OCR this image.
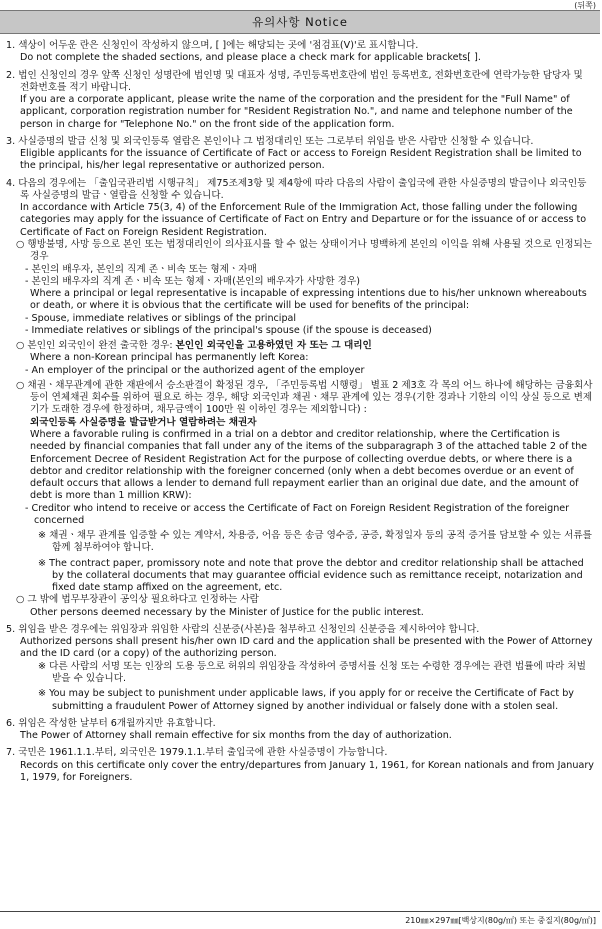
(뒤쪽)
유의사항 Notice
1. 색상이 어두운 란은 신청인이 작성하지 않으며, [ ]에는 해당되는 곳에 '점검표(V)'로 표시합니다.
Do not complete the shaded sections, and please place a check mark for applicable brackets[ ].
2. 법인 신청인의 경우 앞쪽 신청인 성명란에 법인명 및 대표자 성명, 주민등록번호란에 법인 등록번호, 전화번호란에 연락가능한 담당자 및 전화번호를 적기 바랍니다.
If you are a corporate applicant, please write the name of the corporation and the president for the "Full Name" of applicant, corporation registration number for "Resident Registration No.", and name and telephone number of the person in charge for "Telephone No." on the front side of the application form.
3. 사실증명의 발급 신청 및 외국인등록 열람은 본인이나 그 법정대리인 또는 그로부터 위임을 받은 사람만 신청할 수 있습니다.
Eligible applicants for the issuance of Certificate of Fact or access to Foreign Resident Registration shall be limited to the principal, his/her legal representative or authorized person.
4. 다음의 경우에는 「출입국관리법 시행규칙」 제75조제3항 및 제4항에 따라 다음의 사람이 출입국에 관한 사실증명의 발급이나 외국인등록 사실증명의 발급ㆍ열람을 신청할 수 있습니다.
In accordance with Article 75(3, 4) of the Enforcement Rule of the Immigration Act, those falling under the following categories may apply for the issuance of Certificate of Fact on Entry and Departure or for the issuance of or access to Certificate of Fact on Foreign Resident Registration.
○ 행방불명, 사망 등으로 본인 또는 법정대리인이 의사표시를 할 수 없는 상태이거나 명백하게 본인의 이익을 위해 사용될 것으로 인정되는 경우
- 본인의 배우자, 본인의 직계 존ㆍ비속 또는 형제ㆍ자매
- 본인의 배우자의 직계 존ㆍ비속 또는 형제ㆍ자매(본인의 배우자가 사망한 경우)
Where a principal or legal representative is incapable of expressing intentions due to his/her unknown whereabouts or death, or where it is obvious that the certificate will be used for benefits of the principal:
- Spouse, immediate relatives or siblings of the principal
- Immediate relatives or siblings of the principal's spouse (if the spouse is deceased)
○ 본인인 외국인이 완전 출국한 경우: 본인인 외국인을 고용하였던 자 또는 그 대리인
Where a non-Korean principal has permanently left Korea:
- An employer of the principal or the authorized agent of the employer
○ 채권ㆍ채무관계에 관한 재판에서 승소판결이 확정된 경우, 「주민등록법 시행령」 별표 2 제3호 각 목의 어느 하나에 해당하는 금융회사 등이 연체채권 회수를 위하여 필요로 하는 경우, 해당 외국인과 채권ㆍ채무 관계에 있는 경우(기한 경과나 기한의 이익 상실 등으로 변제기가 도래한 경우에 한정하며, 채무금액이 100만 원 이하인 경우는 제외합니다) :
외국인등록 사실증명을 발급받거나 열람하려는 채권자
Where a favorable ruling is confirmed in a trial on a debtor and creditor relationship, where the Certification is needed by financial companies that fall under any of the items of the subparagraph 3 of the attached table 2 of the Enforcement Decree of Resident Registration Act for the purpose of collecting overdue debts, or where there is a debtor and creditor relationship with the foreigner concerned (only when a debt becomes overdue or an event of default occurs that allows a lender to demand full repayment earlier than an original due date, and the amount of debt is more than 1 million KRW):
- Creditor who intend to receive or access the Certificate of Fact on Foreign Resident Registration of the foreigner concerned
※ 채권ㆍ채무 관계를 입증할 수 있는 계약서, 차용증, 어음 등은 송금 영수증, 공증, 확정일자 등의 공적 증거를 담보할 수 있는 서류를 함께 첨부하여야 합니다.
※ The contract paper, promissory note and note that prove the debtor and creditor relationship shall be attached by the collateral documents that may guarantee official evidence such as remittance receipt, notarization and fixed date stamp affixed on the agreement, etc.
○ 그 밖에 법무부장관이 공익상 필요하다고 인정하는 사람
Other persons deemed necessary by the Minister of Justice for the public interest.
5. 위임을 받은 경우에는 위임장과 위임한 사람의 신분증(사본)을 첨부하고 신청인의 신분증을 제시하여야 합니다.
Authorized persons shall present his/her own ID card and the application shall be presented with the Power of Attorney and the ID card (or a copy) of the authorizing person.
※ 다른 사람의 서명 또는 인장의 도용 등으로 허위의 위임장을 작성하여 증명서를 신청 또는 수령한 경우에는 관련 법률에 따라 처벌받을 수 있습니다.
※ You may be subject to punishment under applicable laws, if you apply for or receive the Certificate of Fact by submitting a fraudulent Power of Attorney signed by another individual or falsely done with a stolen seal.
6. 위임은 작성한 날부터 6개월까지만 유효합니다.
The Power of Attorney shall remain effective for six months from the day of authorization.
7. 국민은 1961.1.1.부터, 외국인은 1979.1.1.부터 출입국에 관한 사실증명이 가능합니다.
Records on this certificate only cover the entry/departures from January 1, 1961, for Korean nationals and from January 1, 1979, for Foreigners.
210㎜×297㎜[백상지(80g/㎡) 또는 중질지(80g/㎡)]
